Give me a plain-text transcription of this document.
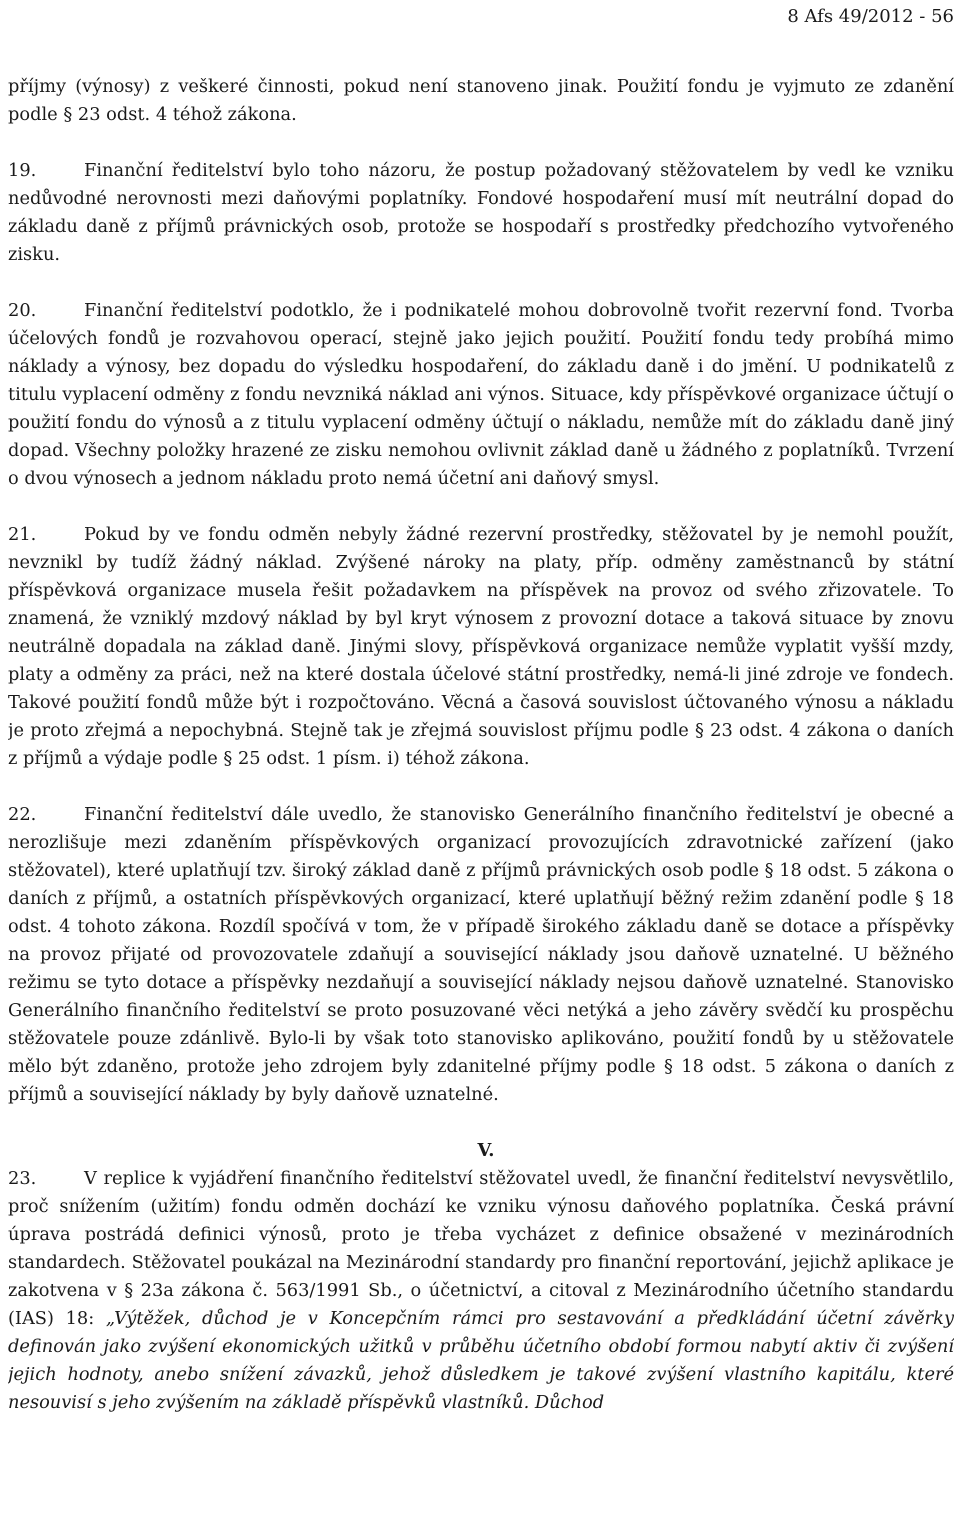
8 Afs 49/2012 - 56

příjmy (výnosy) z veškeré činnosti, pokud není stanoveno jinak. Použití fondu je vyjmuto ze zdanění podle § 23 odst. 4 téhož zákona.

19.	Finanční ředitelství bylo toho názoru, že postup požadovaný stěžovatelem by vedl ke vzniku nedůvodné nerovnosti mezi daňovými poplatníky. Fondové hospodaření musí mít neutrální dopad do základu daně z příjmů právnických osob, protože se hospodaří s prostředky předchozího vytvořeného zisku.

20.	Finanční ředitelství podotklo, že i podnikatelé mohou dobrovolně tvořit rezervní fond. Tvorba účelových fondů je rozvahovou operací, stejně jako jejich použití. Použití fondu tedy probíhá mimo náklady a výnosy, bez dopadu do výsledku hospodaření, do základu daně i do jmění. U podnikatelů z titulu vyplacení odměny z fondu nevzniká náklad ani výnos. Situace, kdy příspěvkové organizace účtují o použití fondu do výnosů a z titulu vyplacení odměny účtují o nákladu, nemůže mít do základu daně jiný dopad. Všechny položky hrazené ze zisku nemohou ovlivnit základ daně u žádného z poplatníků. Tvrzení o dvou výnosech a jednom nákladu proto nemá účetní ani daňový smysl.

21.	Pokud by ve fondu odměn nebyly žádné rezervní prostředky, stěžovatel by je nemohl použít, nevznikl by tudíž žádný náklad. Zvýšené nároky na platy, příp. odměny zaměstnanců by státní příspěvková organizace musela řešit požadavkem na příspěvek na provoz od svého zřizovatele. To znamená, že vzniklý mzdový náklad by byl kryt výnosem z provozní dotace a taková situace by znovu neutrálně dopadala na základ daně. Jinými slovy, příspěvková organizace nemůže vyplatit vyšší mzdy, platy a odměny za práci, než na které dostala účelové státní prostředky, nemá-li jiné zdroje ve fondech. Takové použití fondů může být i rozpočtováno. Věcná a časová souvislost účtovaného výnosu a nákladu je proto zřejmá a nepochybná. Stejně tak je zřejmá souvislost příjmu podle § 23 odst. 4 zákona o daních z příjmů a výdaje podle § 25 odst. 1 písm. i) téhož zákona.

22.	Finanční ředitelství dále uvedlo, že stanovisko Generálního finančního ředitelství je obecné a nerozlišuje mezi zdaněním příspěvkových organizací provozujících zdravotnické zařízení (jako stěžovatel), které uplatňují tzv. široký základ daně z příjmů právnických osob podle § 18 odst. 5 zákona o daních z příjmů, a ostatních příspěvkových organizací, které uplatňují běžný režim zdanění podle § 18 odst. 4 tohoto zákona. Rozdíl spočívá v tom, že v případě širokého základu daně se dotace a příspěvky na provoz přijaté od provozovatele zdaňují a související náklady jsou daňově uznatelné. U běžného režimu se tyto dotace a příspěvky nezdaňují a související náklady nejsou daňově uznatelné. Stanovisko Generálního finančního ředitelství se proto posuzované věci netýká a jeho závěry svědčí ku prospěchu stěžovatele pouze zdánlivě. Bylo-li by však toto stanovisko aplikováno, použití fondů by u stěžovatele mělo být zdaněno, protože jeho zdrojem byly zdanitelné příjmy podle § 18 odst. 5 zákona o daních z příjmů a související náklady by byly daňově uznatelné.

V.

23.	V replice k vyjádření finančního ředitelství stěžovatel uvedl, že finanční ředitelství nevysvětlilo, proč snížením (užitím) fondu odměn dochází ke vzniku výnosu daňového poplatníka. Česká právní úprava postrádá definici výnosů, proto je třeba vycházet z definice obsažené v mezinárodních standardech. Stěžovatel poukázal na Mezinárodní standardy pro finanční reportování, jejichž aplikace je zakotvena v § 23a zákona č. 563/1991 Sb., o účetnictví, a citoval z Mezinárodního účetního standardu (IAS) 18: „Výtěžek, důchod je v Koncepčním rámci pro sestavování a předkládání účetní závěrky definován jako zvýšení ekonomických užitků v průběhu účetního období formou nabytí aktiv či zvýšení jejich hodnoty, anebo snížení závazků, jehož důsledkem je takové zvýšení vlastního kapitálu, které nesouvisí s jeho zvýšením na základě příspěvků vlastníků. Důchod
